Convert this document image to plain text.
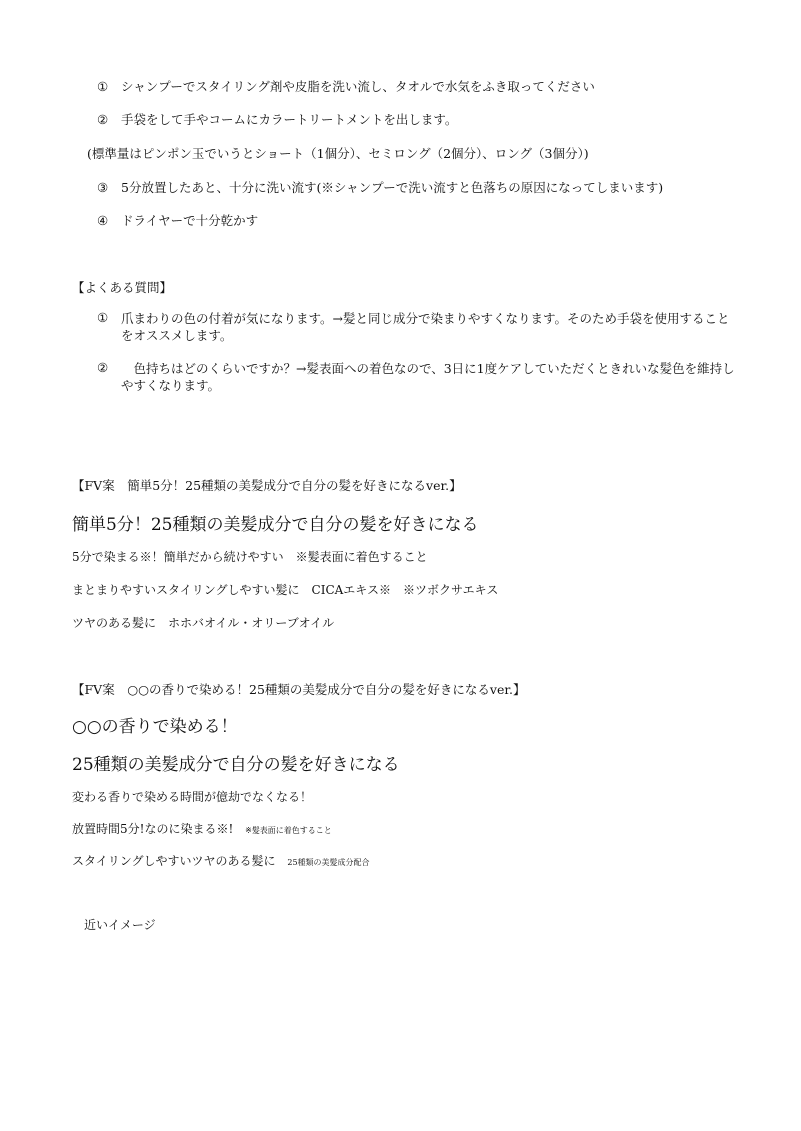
① シャンプーでスタイリング剤や皮脂を洗い流し、タオルで水気をふき取ってください
② 手袋をして手やコームにカラートリートメントを出します。
(標準量はピンポン玉でいうとショート（1個分）、セミロング（2個分）、ロング（3個分）)
③ 5分放置したあと、十分に洗い流す(※シャンプーで洗い流すと色落ちの原因になってしまいます)
④ ドライヤーで十分乾かす
【よくある質問】
①	爪まわりの色の付着が気になります。→髪と同じ成分で染まりやすくなります。そのため手袋を使用することをオススメします。
②	　色持ちはどのくらいですか？→髪表面への着色なので、3日に1度ケアしていただくときれいな髪色を維持しやすくなります。
【FV案　簡単5分！25種類の美髪成分で自分の髪を好きになるver.】
簡単5分！25種類の美髪成分で自分の髪を好きになる
5分で染まる※！簡単だから続けやすい　※髪表面に着色すること
まとまりやすいスタイリングしやすい髪に　CICAエキス※　※ツボクサエキス
ツヤのある髪に　ホホバオイル・オリーブオイル
【FV案　○○の香りで染める！25種類の美髪成分で自分の髪を好きになるver.】
○○の香りで染める！
25種類の美髪成分で自分の髪を好きになる
変わる香りで染める時間が億劫でなくなる！
放置時間5分!なのに染まる※! ※髪表面に着色すること
スタイリングしやすいツヤのある髪に 25種類の美髪成分配合
近いイメージ
